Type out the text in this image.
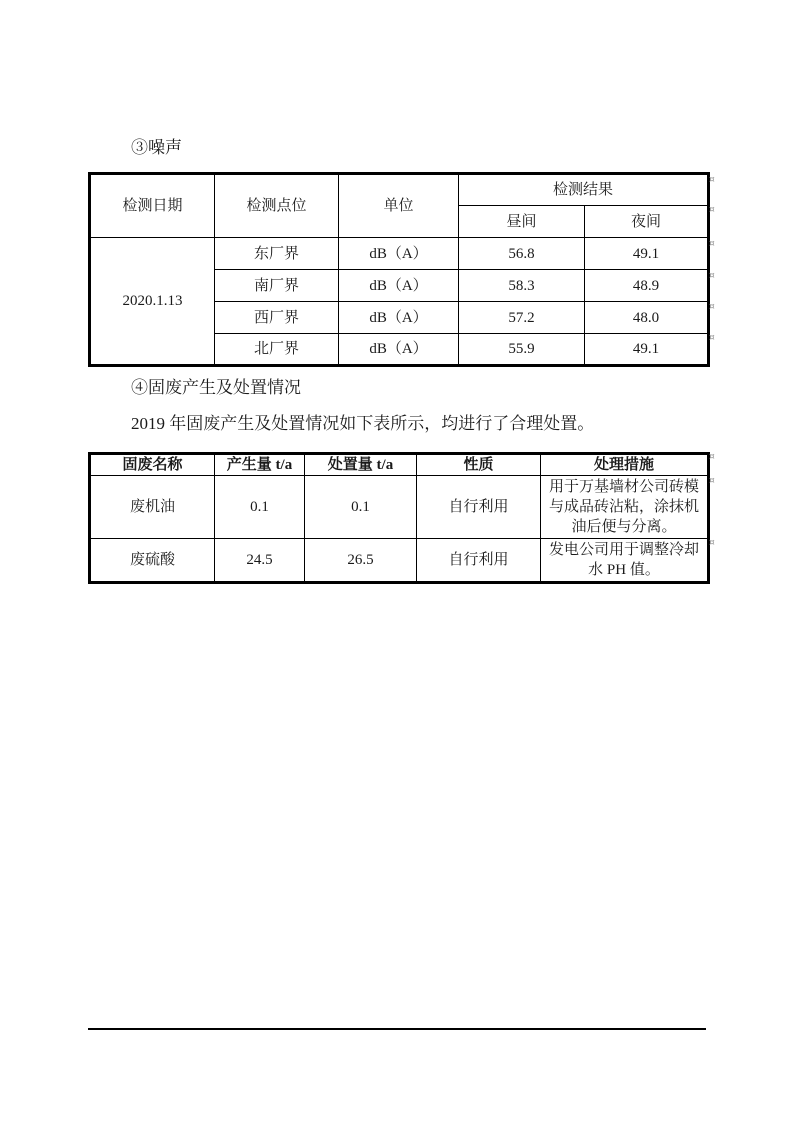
③噪声
检测日期	检测点位	单位	检测结果	
			昼间	夜间
2020.1.13	东厂界	dB（A）	56.8	49.1
	南厂界	dB（A）	58.3	48.9
	西厂界	dB（A）	57.2	48.0
	北厂界	dB（A）	55.9	49.1
¤
¤
¤
¤
¤
¤
④固废产生及处置情况
2019 年固废产生及处置情况如下表所示，均进行了合理处置。
固废名称	产生量 t/a	处置量 t/a	性质	处理措施
废机油	0.1	0.1	自行利用	用于万基墙材公司砖模与成品砖沾粘，涂抹机油后便与分离。
废硫酸	24.5	26.5	自行利用	发电公司用于调整冷却水 PH 值。
¤
¤
¤
